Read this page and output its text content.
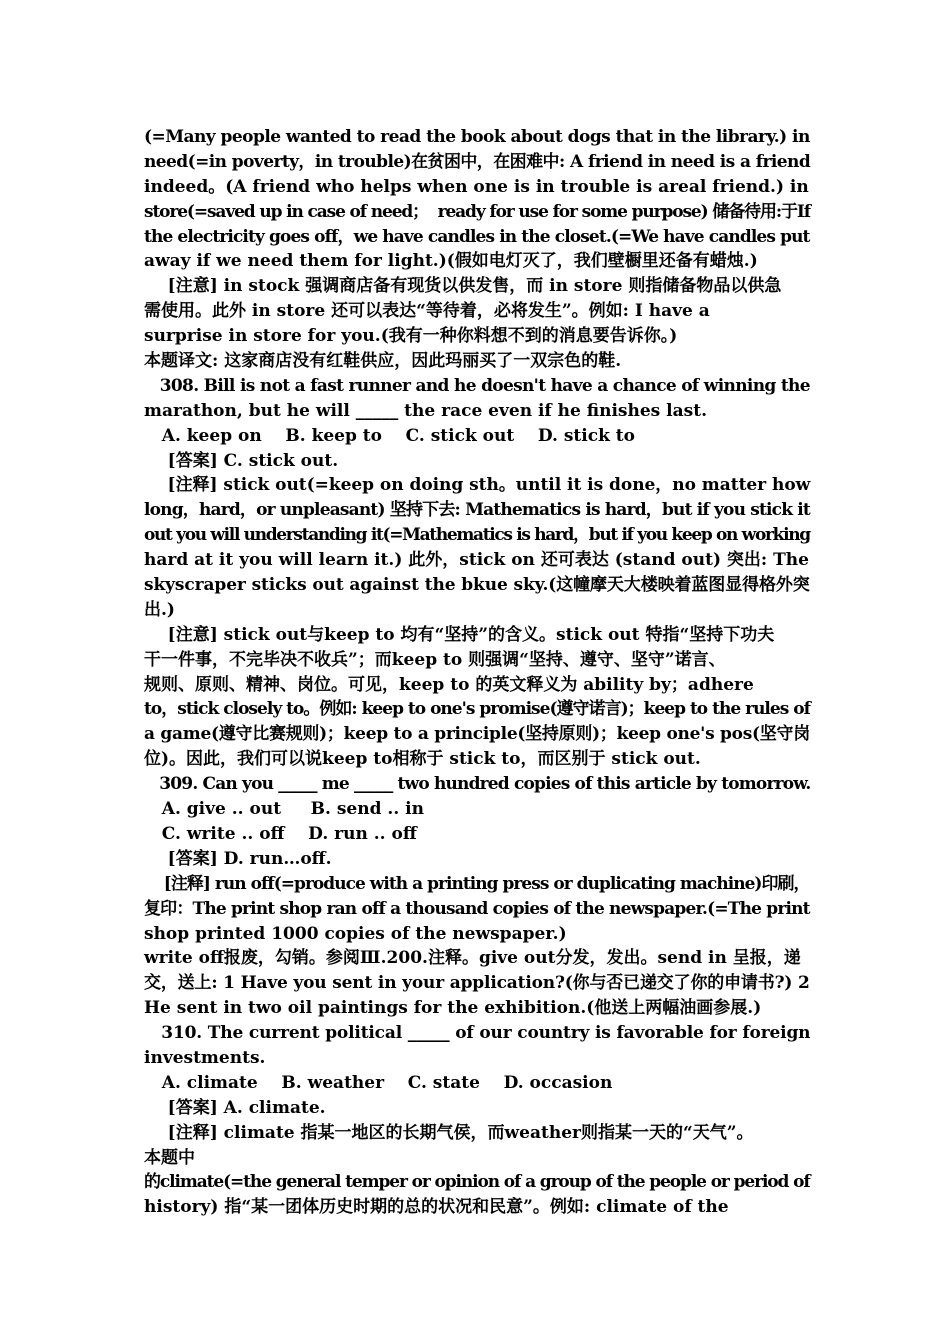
(=Many people wanted to read the book about dogs that in the library.) in
need(=in poverty，in trouble)在贫困中，在困难中: A friend in need is a friend
indeed。(A friend who helps when one is in trouble is areal friend.) in
store(=saved up in case of need；  ready for use for some purpose) 储备待用:于If
the electricity goes off，we have candles in the closet.(=We have candles put
away if we need them for light.)(假如电灯灭了，我们壁橱里还备有蜡烛.)
[注意] in stock 强调商店备有现货以供发售，而 in store 则指储备物品以供急
需使用。此外 in store 还可以表达“等待着，必将发生”。例如: I have a
surprise in store for you.(我有一种你料想不到的消息要告诉你。)
本题译文: 这家商店没有红鞋供应，因此玛丽买了一双宗色的鞋.
308. Bill is not a fast runner and he doesn't have a chance of winning the
marathon, but he will _____ the race even if he finishes last.
A. keep on    B. keep to    C. stick out    D. stick to
[答案] C. stick out.
[注释] stick out(=keep on doing sth。until it is done，no matter how
long，hard，or unpleasant) 坚持下去: Mathematics is hard，but if you stick it
out you will understanding it(=Mathematics is hard，but if you keep on working
hard at it you will learn it.) 此外，stick on 还可表达 (stand out) 突出: The
skyscraper sticks out against the bkue sky.(这幢摩天大楼映着蓝图显得格外突
出.)
[注意] stick out与keep to 均有“坚持”的含义。stick out 特指“坚持下功夫
干一件事，不完毕决不收兵”；而keep to 则强调“坚持、遵守、坚守”诺言、
规则、原则、精神、岗位。可见，keep to 的英文释义为 ability by；adhere
to，stick closely to。例如: keep to one's promise(遵守诺言)；keep to the rules of
a game(遵守比赛规则)；keep to a principle(坚持原则)；keep one's pos(坚守岗
位)。因此，我们可以说keep to相称于 stick to，而区别于 stick out.
309. Can you _____ me _____ two hundred copies of this article by tomorrow.
A. give .. out     B. send .. in
C. write .. off    D. run .. off
[答案] D. run…off.
[注释] run off(=produce with a printing press or duplicating machine)印刷，
复印：The print shop ran off a thousand copies of the newspaper.(=The print
shop printed 1000 copies of the newspaper.)
write off报废，勾销。参阅Ⅲ.200.注释。give out分发，发出。send in 呈报，递
交，送上: 1 Have you sent in your application?(你与否已递交了你的申请书?) 2
He sent in two oil paintings for the exhibition.(他送上两幅油画参展.)
310. The current political _____ of our country is favorable for foreign
investments.
A. climate    B. weather    C. state    D. occasion
[答案] A. climate.
[注释] climate 指某一地区的长期气侯，而weather则指某一天的“天气”。
本题中
的climate(=the general temper or opinion of a group of the people or period of
history) 指“某一团体历史时期的总的状况和民意”。例如: climate of the
